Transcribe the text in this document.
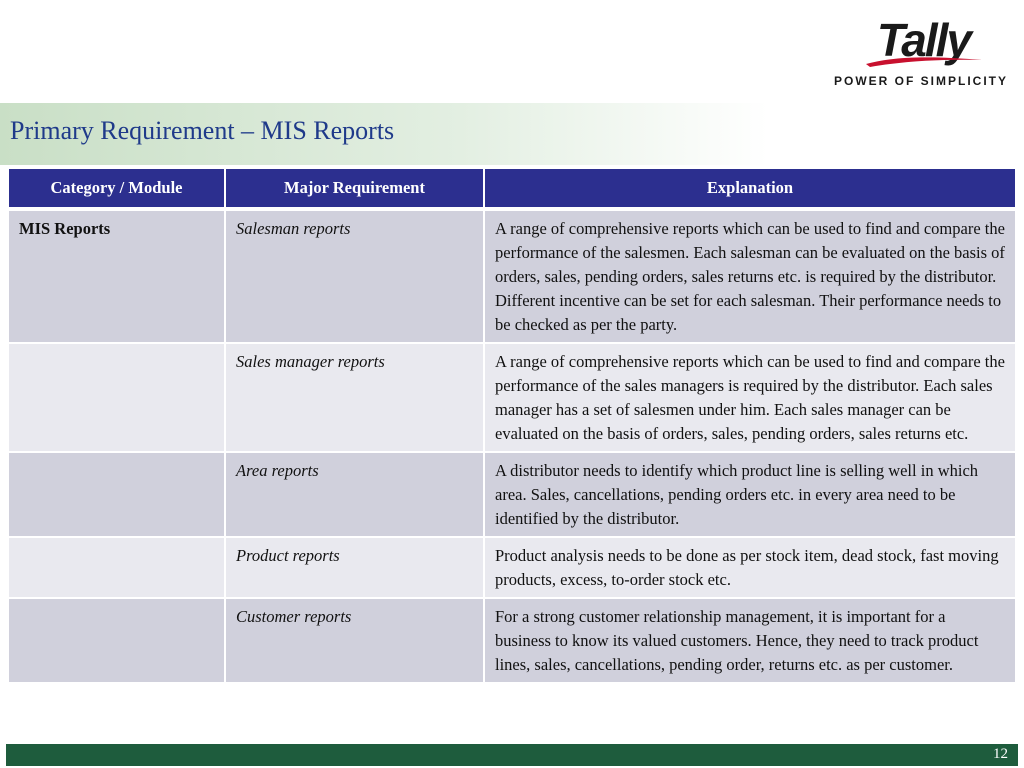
Tally
POWER OF SIMPLICITY
Primary Requirement – MIS Reports
Category / Module	Major Requirement	Explanation
MIS Reports	Salesman reports	A range of comprehensive reports which can be used to find and compare the performance of the salesmen. Each salesman can be evaluated on the basis of orders, sales, pending orders, sales returns etc. is required by the distributor. Different incentive can be set for each salesman. Their performance needs to be checked as per the party.
	Sales manager reports	A range of comprehensive reports which can be used to find and compare the performance of the sales managers is required by the distributor. Each sales manager has a set of salesmen under him. Each sales manager can be evaluated on the basis of orders, sales, pending orders, sales returns etc.
	Area reports	A distributor needs to identify which product line is selling well in which area. Sales, cancellations, pending orders etc. in every area need to be identified by the distributor.
	Product reports	Product analysis needs to be done as per stock item, dead stock, fast moving products, excess, to-order stock etc.
	Customer reports	For a strong customer relationship management, it is important for a business to know its valued customers. Hence, they need to track product lines, sales, cancellations, pending order, returns etc. as per customer.
12
